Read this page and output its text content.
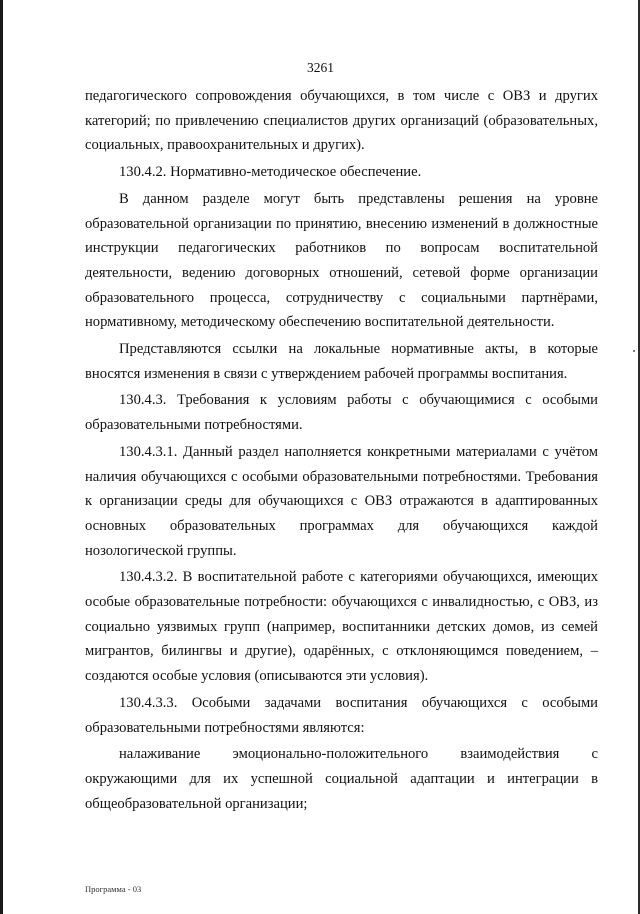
3261

педагогического сопровождения обучающихся, в том числе с ОВЗ и других категорий; по привлечению специалистов других организаций (образовательных, социальных, правоохранительных и других).

130.4.2. Нормативно-методическое обеспечение.

В данном разделе могут быть представлены решения на уровне образовательной организации по принятию, внесению изменений в должностные инструкции педагогических работников по вопросам воспитательной деятельности, ведению договорных отношений, сетевой форме организации образовательного процесса, сотрудничеству с социальными партнёрами, нормативному, методическому обеспечению воспитательной деятельности.

Представляются ссылки на локальные нормативные акты, в которые вносятся изменения в связи с утверждением рабочей программы воспитания.

130.4.3. Требования к условиям работы с обучающимися с особыми образовательными потребностями.

130.4.3.1. Данный раздел наполняется конкретными материалами с учётом наличия обучающихся с особыми образовательными потребностями. Требования к организации среды для обучающихся с ОВЗ отражаются в адаптированных основных образовательных программах для обучающихся каждой нозологической группы.

130.4.3.2. В воспитательной работе с категориями обучающихся, имеющих особые образовательные потребности: обучающихся с инвалидностью, с ОВЗ, из социально уязвимых групп (например, воспитанники детских домов, из семей мигрантов, билингвы и другие), одарённых, с отклоняющимся поведением, – создаются особые условия (описываются эти условия).

130.4.3.3. Особыми задачами воспитания обучающихся с особыми образовательными потребностями являются:

налаживание эмоционально-положительного взаимодействия с окружающими для их успешной социальной адаптации и интеграции в общеобразовательной организации;

Программа - 03
